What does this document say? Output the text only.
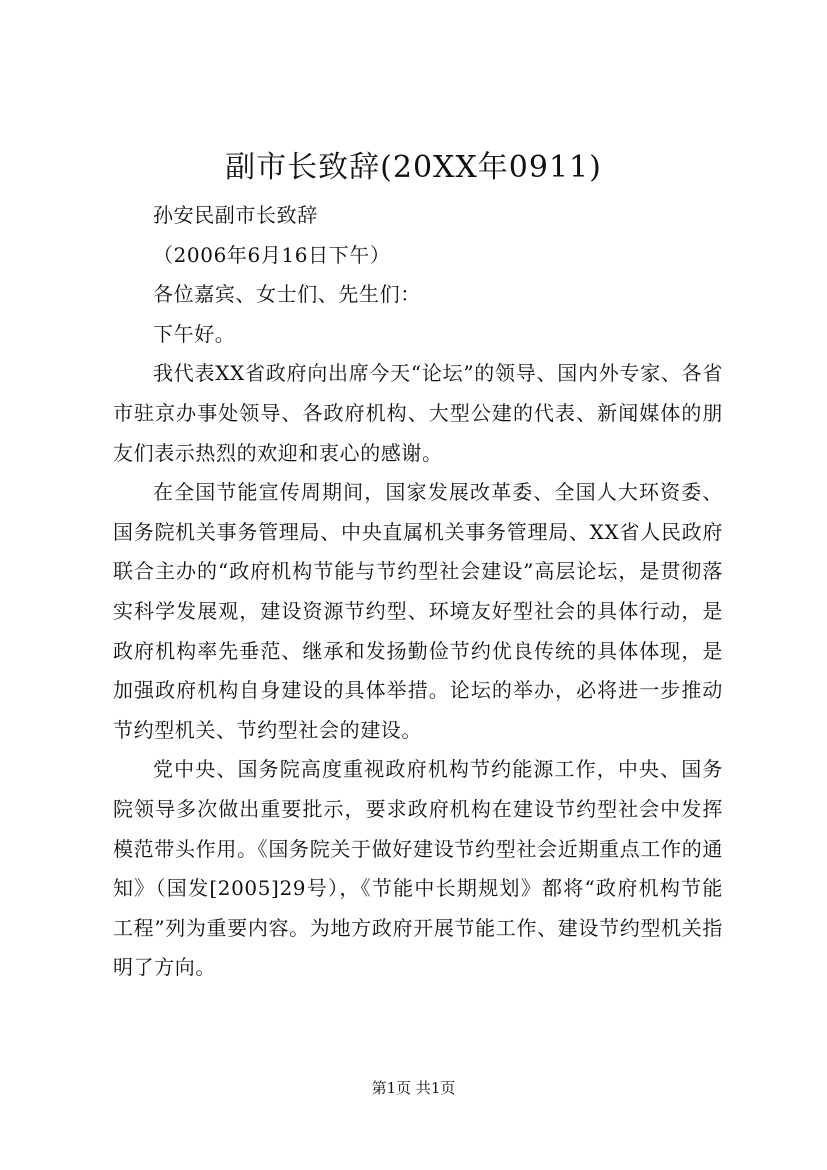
副市长致辞(20XX年0911)

孙安民副市长致辞

（2006年6月16日下午）

各位嘉宾、女士们、先生们：

下午好。

我代表XX省政府向出席今天“论坛”的领导、国内外专家、各省市驻京办事处领导、各政府机构、大型公建的代表、新闻媒体的朋友们表示热烈的欢迎和衷心的感谢。

在全国节能宣传周期间，国家发展改革委、全国人大环资委、国务院机关事务管理局、中央直属机关事务管理局、XX省人民政府联合主办的“政府机构节能与节约型社会建设”高层论坛，是贯彻落实科学发展观，建设资源节约型、环境友好型社会的具体行动，是政府机构率先垂范、继承和发扬勤俭节约优良传统的具体体现，是加强政府机构自身建设的具体举措。论坛的举办，必将进一步推动节约型机关、节约型社会的建设。

党中央、国务院高度重视政府机构节约能源工作，中央、国务院领导多次做出重要批示，要求政府机构在建设节约型社会中发挥模范带头作用。《国务院关于做好建设节约型社会近期重点工作的通知》（国发[2005]29号），《节能中长期规划》都将“政府机构节能工程”列为重要内容。为地方政府开展节能工作、建设节约型机关指明了方向。

第1页 共1页
